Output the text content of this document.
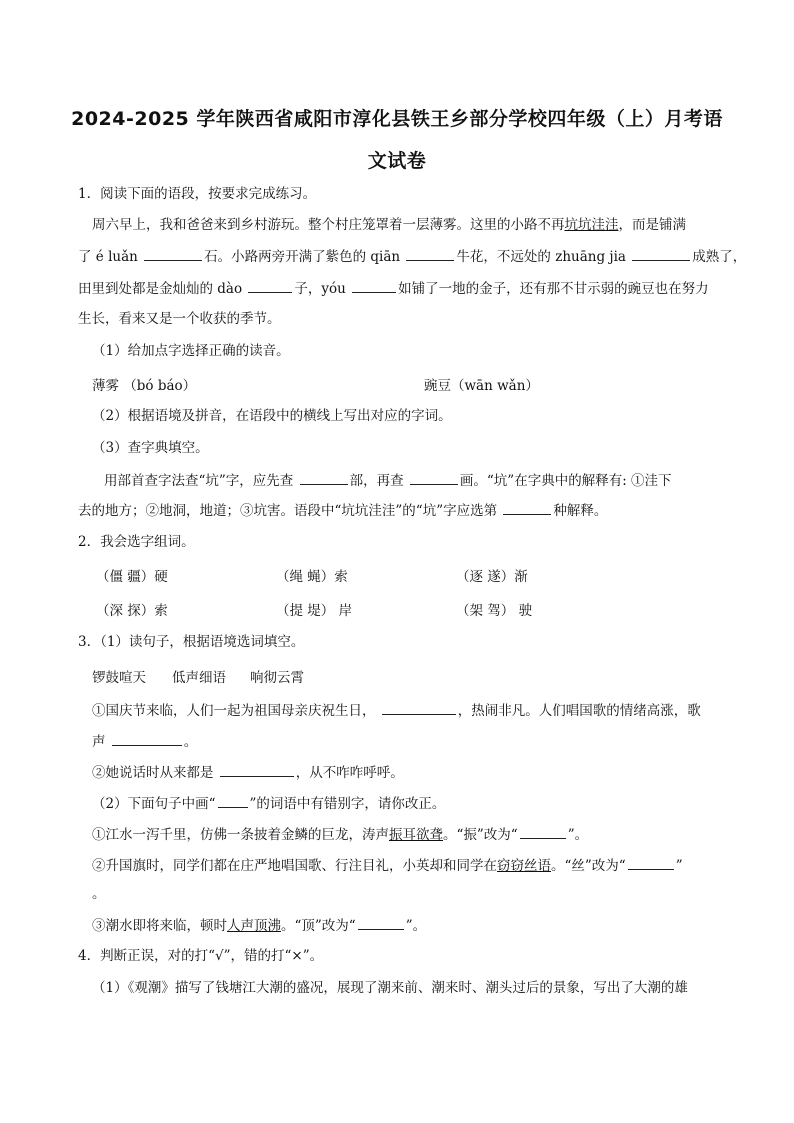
2024-2025 学年陕西省咸阳市淳化县铁王乡部分学校四年级（上）月考语
文试卷
1．阅读下面的语段，按要求完成练习。
周六早上，我和爸爸来到乡村游玩。整个村庄笼罩着一层薄雾。这里的小路不再坑坑洼洼，而是铺满
了 é luǎn	石。小路两旁开满了紫色的 qiān	牛花，不远处的 zhuāng jia	成熟了，
田里到处都是金灿灿的 dào	子，yóu	如铺了一地的金子，还有那不甘示弱的豌豆也在努力
生长，看来又是一个收获的季节。
（1）给加点字选择正确的读音。
薄雾 （bó báo）	豌豆（wān wǎn）
（2）根据语境及拼音，在语段中的横线上写出对应的字词。
（3）查字典填空。
用部首查字法查“坑”字，应先查	部，再查	画。“坑”在字典中的解释有: ①洼下
去的地方；②地洞，地道；③坑害。语段中“坑坑洼洼”的“坑”字应选第	种解释。
2．我会选字组词。
（僵 疆）硬	（绳 蝇）索	（逐 遂）渐
（深 探）索	（提 堤） 岸	（架 驾） 驶
3．（1）读句子，根据语境选词填空。
锣鼓喧天 低声细语 响彻云霄
①国庆节来临，人们一起为祖国母亲庆祝生日，	，热闹非凡。人们唱国歌的情绪高涨，歌
声	。
②她说话时从来都是	，从不咋咋呼呼。
（2）下面句子中画“	”的词语中有错别字，请你改正。
①江水一泻千里，仿佛一条披着金鳞的巨龙，涛声振耳欲聋。“振”改为“	”。
②升国旗时，同学们都在庄严地唱国歌、行注目礼，小英却和同学在窃窃丝语。“丝”改为“	”
。
③潮水即将来临，顿时人声顶沸。“顶”改为“	”。
4．判断正误，对的打“√”，错的打“×”。
（1）《观潮》描写了钱塘江大潮的盛况，展现了潮来前、潮来时、潮头过后的景象，写出了大潮的雄
